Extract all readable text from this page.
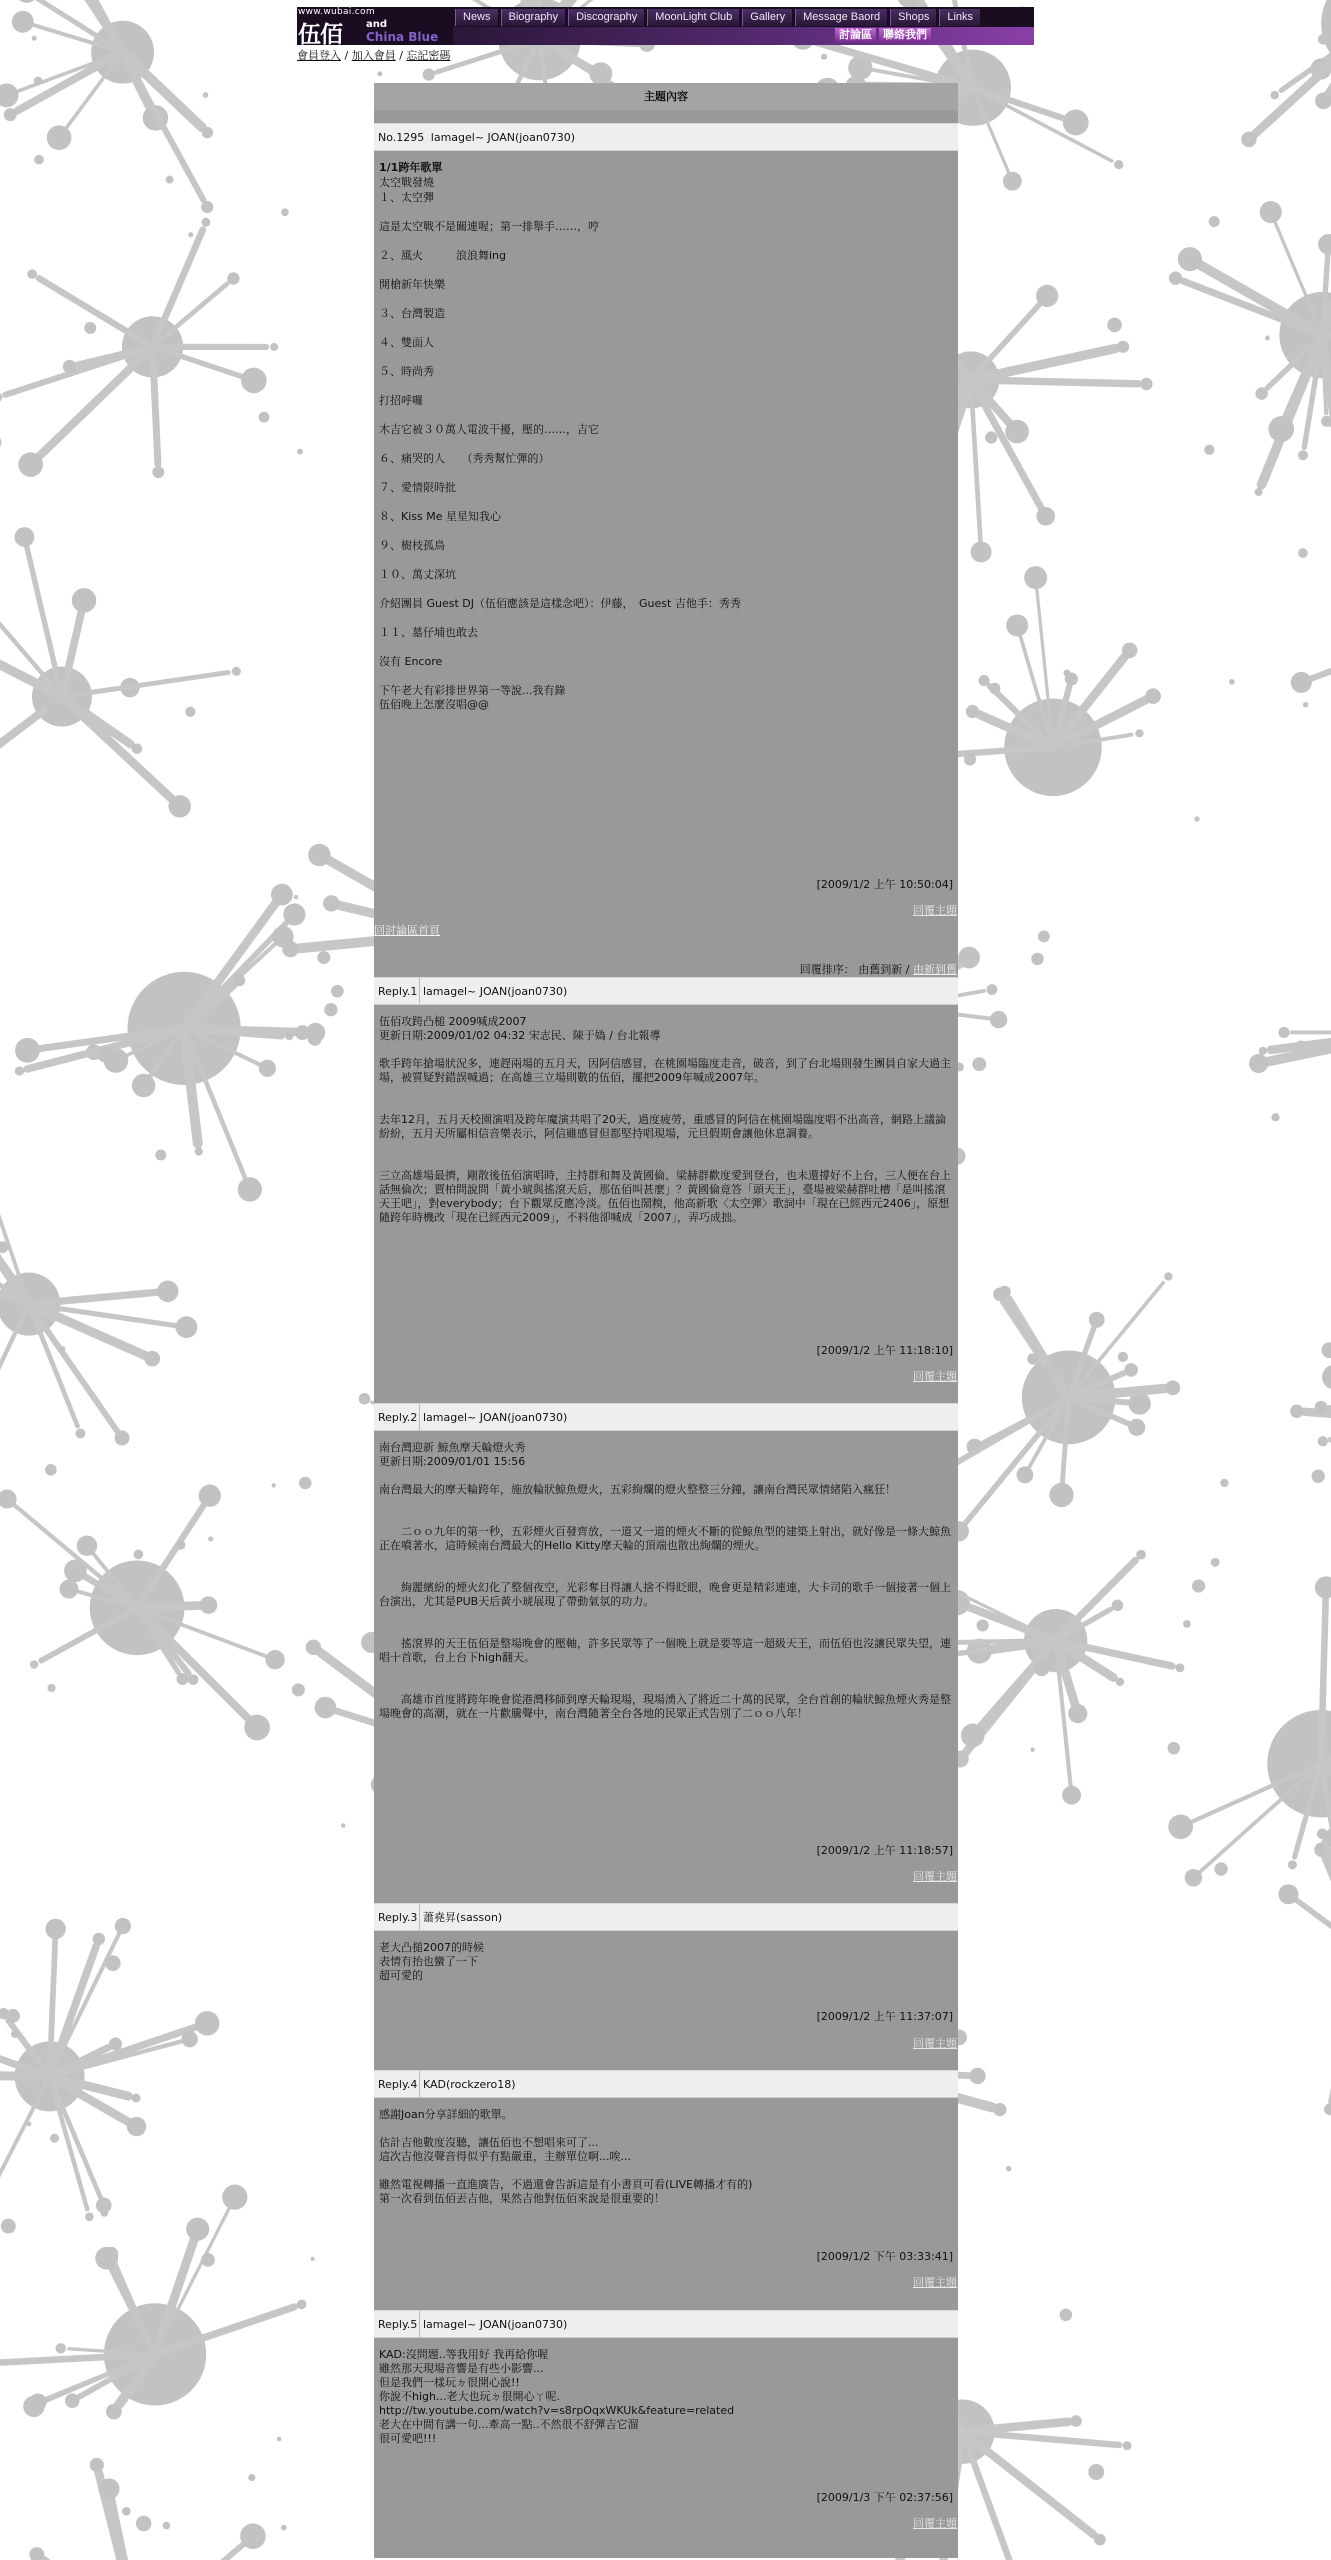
www.wubai.com
伍佰 and
China Blue
News	Biography	Discography	MoonLight Club	Gallery	Message Baord	Shops	Links
討論區	聯絡我們
會員登入 / 加入會員 / 忘記密碼
主題內容
No.1295 lamagel~ JOAN(joan0730)
1/1跨年歌單
太空戰發燒
１、太空彈

這是太空戰不是關連喔；第一排舉手……，哼

２、風火　　　浪浪舞ing

開槍新年快樂

３、台灣製造

４、雙面人

５、時尚秀

打招呼囉

木吉它被３０萬人電波干擾，壓的……，吉它

６、痛哭的人　　（秀秀幫忙彈的）

７、愛情限時批

８、Kiss Me 星星知我心

９、樹枝孤鳥

１０、萬丈深坑

介紹團員 Guest DJ（伍佰應該是這樣念吧）：伊藤，　Guest 吉他手：秀秀

１１、墓仔埔也敢去

沒有 Encore

下午老大有彩排世界第一等說...我有錄
伍佰晚上怎麼沒唱@@
[2009/1/2 上午 10:50:04]
回覆主題
回討論區首頁
回覆排序： 由舊到新 / 由新到舊
Reply.1 lamagel~ JOAN(joan0730)
伍佰攻跨凸槌 2009喊成2007
更新日期:2009/01/02 04:32 宋志民、陳于媯 / 台北報導

歌手跨年搶場狀況多，連趕兩場的五月天，因阿信感冒，在桃園場臨度走音，破音，到了台北場則發生團員自家大過主場，被質疑對錯誤喊過；在高雄三立場則數的伍佰，擺把2009年喊成2007年。

去年12月，五月天校園演唱及跨年魔演共唱了20天，過度疲勞，重感冒的阿信在桃園場臨度唱不出高音，網路上議論紛紛，五月天所屬相信音樂表示，阿信雖感冒但都堅持唱現場，元旦假期會讓他休息調養。

三立高雄場最擠，剛散後伍佰演唱時，主持群和舞及黃國倫、梁赫群歡度愛到登台，也未還撐好不上台，三人便在台上話無倫次；賈柏問說問「黃小琥與搖滾天后，那伍佰叫甚麼」？黃國倫竟答「頭天王」，臺場被梁赫群吐槽「是叫搖滾天王吧」，對everybody；台下觀眾反應冷淡。伍佰也鬧糗，他高新歌〈太空彈〉歌詞中「現在已經西元2406」，原想隨跨年時機改「現在已經西元2009」，不料他卻喊成「2007」，弄巧成拙。
[2009/1/2 上午 11:18:10]
回覆主題
Reply.2 lamagel~ JOAN(joan0730)
南台灣迎新 鯨魚摩天輪燈火秀
更新日期:2009/01/01 15:56

南台灣最大的摩天輪跨年，施放輪狀鯨魚燈火，五彩絢爛的燈火整整三分鐘，讓南台灣民眾情緒陷入瘋狂！

　　二ｏｏ九年的第一秒，五彩煙火百發齊放，一道又一道的煙火不斷的從鯨魚型的建築上射出，就好像是一條大鯨魚正在噴著水，這時候南台灣最大的Hello Kitty摩天輪的頂端也散出絢爛的煙火。

　　絢麗繽紛的煙火幻化了整個夜空，光彩奪目得讓人捨不得眨眼，晚會更是精彩連連，大卡司的歌手一個接著一個上台演出，尤其是PUB天后黃小琥展現了帶動氣氛的功力。

　　搖滾界的天王伍佰是整場晚會的壓軸，許多民眾等了一個晚上就是要等這一超級天王，而伍佰也沒讓民眾失望，連唱十首歌，台上台下high翻天。

　　高雄市首度將跨年晚會從港灣移師到摩天輪現場，現場湧入了將近二十萬的民眾，全台首創的輪狀鯨魚煙火秀是整場晚會的高潮，就在一片歡騰聲中，南台灣隨著全台各地的民眾正式告別了二ｏｏ八年！
[2009/1/2 上午 11:18:57]
回覆主題
Reply.3 蕭堯昇(sasson)
老大凸搥2007的時候
表情有抬也蠻了一下
超可愛的
[2009/1/2 上午 11:37:07]
回覆主題
Reply.4 KAD(rockzero18)
感謝Joan分享詳細的歌單。

估計吉他數度沒聽，讓伍佰也不想唱來可了...
這次吉他沒聲音得似乎有點嚴重，主辦單位啊...唉...

雖然電視轉播一直進廣告，不過還會告訴這是有小書頁可看(LIVE轉播才有的)
第一次看到伍佰丟吉他，果然吉他對伍佰來說是很重要的！
[2009/1/2 下午 03:33:41]
回覆主題
Reply.5 lamagel~ JOAN(joan0730)
KAD:沒問題..等我用好 我再給你喔
雖然那天現場音響是有些小影響...
但是我們一樣玩ㄉ很開心說!!
你說不high...老大也玩ㄉ很開心ㄚ呢.
http://tw.youtube.com/watch?v=s8rpOqxWKUk&feature=related
老大在中間有講一句...牽高一點..不然很不舒彈吉它溜
很可愛吧!!!
[2009/1/3 下午 02:37:56]
回覆主題
